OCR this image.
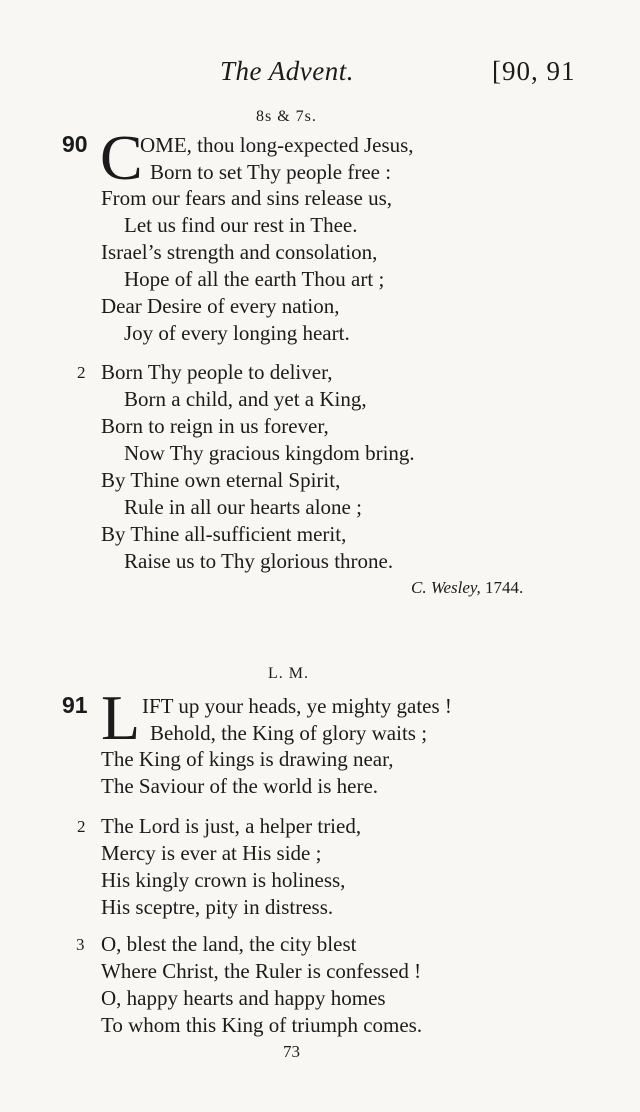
The Advent.	[90, 91
8s & 7s.
90 C
OME, thou long-expected Jesus,
Born to set Thy people free :
From our fears and sins release us,
Let us find our rest in Thee.
Israel’s strength and consolation,
Hope of all the earth Thou art ;
Dear Desire of every nation,
Joy of every longing heart.
2 Born Thy people to deliver,
Born a child, and yet a King,
Born to reign in us forever,
Now Thy gracious kingdom bring.
By Thine own eternal Spirit,
Rule in all our hearts alone ;
By Thine all-sufficient merit,
Raise us to Thy glorious throne.
C. Wesley, 1744.
L. M.
91 L IFT up your heads, ye mighty gates !
Behold, the King of glory waits ;
The King of kings is drawing near,
The Saviour of the world is here.
2 The Lord is just, a helper tried,
Mercy is ever at His side ;
His kingly crown is holiness,
His sceptre, pity in distress.
3 O, blest the land, the city blest
Where Christ, the Ruler is confessed !
O, happy hearts and happy homes
To whom this King of triumph comes.
73
